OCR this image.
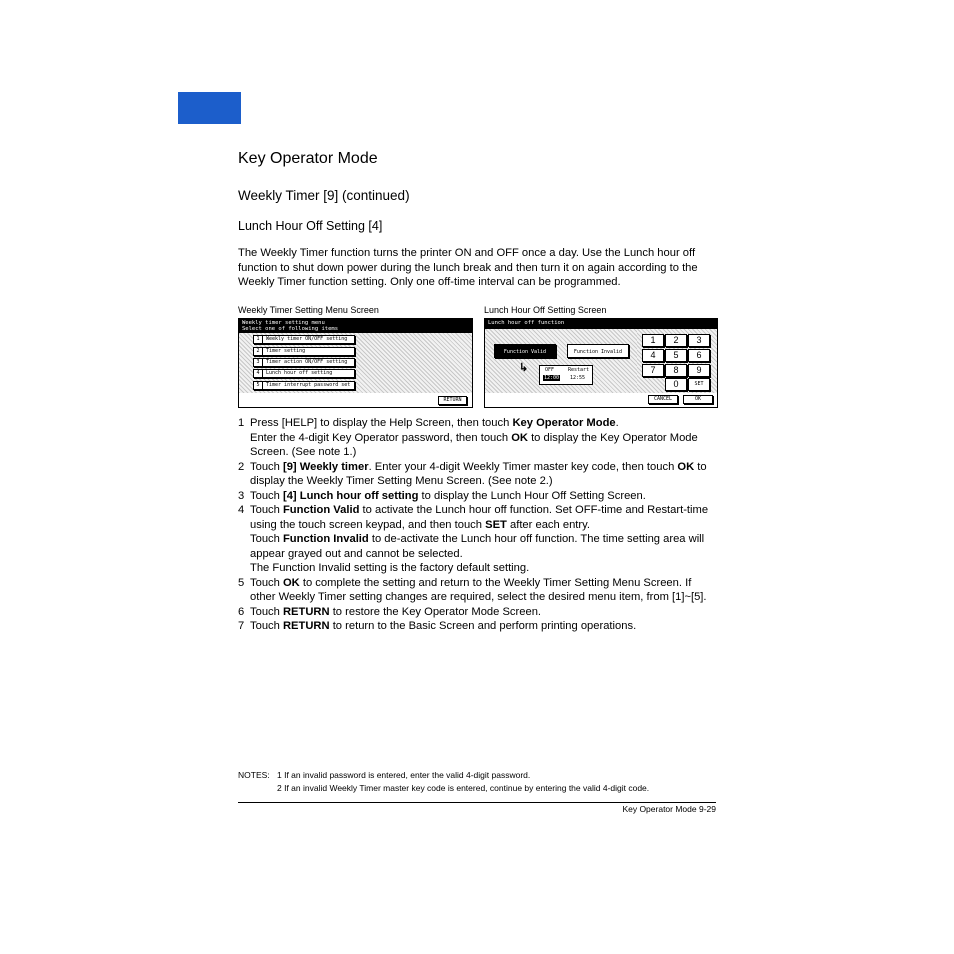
Key Operator Mode
Weekly Timer [9] (continued)
Lunch Hour Off Setting [4]
The Weekly Timer function turns the printer ON and OFF once a day. Use the Lunch hour off function to shut down power during the lunch break and then turn it on again according to the Weekly Timer function setting. Only one off-time interval can be programmed.
Weekly Timer Setting Menu Screen
Weekly timer setting menu
Select one of following items
1	Weekly timer ON/OFF setting
2	Timer setting
3	Timer action ON/OFF setting
4	Lunch hour off setting
5	Timer interrupt password set
RETURN
Lunch Hour Off Setting Screen
Lunch hour off function
Function Valid	Function Invalid
↳	OFF
12:00
Restart
12:55
1	2	3
4	5	6
7	8	9
0	SET
CANCEL	OK
1 Press [HELP] to display the Help Screen, then touch Key Operator Mode.
Enter the 4-digit Key Operator password, then touch OK to display the Key Operator Mode Screen. (See note 1.)
2 Touch [9] Weekly timer. Enter your 4-digit Weekly Timer master key code, then touch OK to display the Weekly Timer Setting Menu Screen. (See note 2.)
3 Touch [4] Lunch hour off setting to display the Lunch Hour Off Setting Screen.
4 Touch Function Valid to activate the Lunch hour off function. Set OFF-time and Restart-time using the touch screen keypad, and then touch SET after each entry.
Touch Function Invalid to de-activate the Lunch hour off function. The time setting area will appear grayed out and cannot be selected.
The Function Invalid setting is the factory default setting.
5 Touch OK to complete the setting and return to the Weekly Timer Setting Menu Screen. If other Weekly Timer setting changes are required, select the desired menu item, from [1]~[5].
6 Touch RETURN to restore the Key Operator Mode Screen.
7 Touch RETURN to return to the Basic Screen and perform printing operations.
NOTES: 1 If an invalid password is entered, enter the valid 4-digit password.
2 If an invalid Weekly Timer master key code is entered, continue by entering the valid 4-digit code.
Key Operator Mode 9-29
